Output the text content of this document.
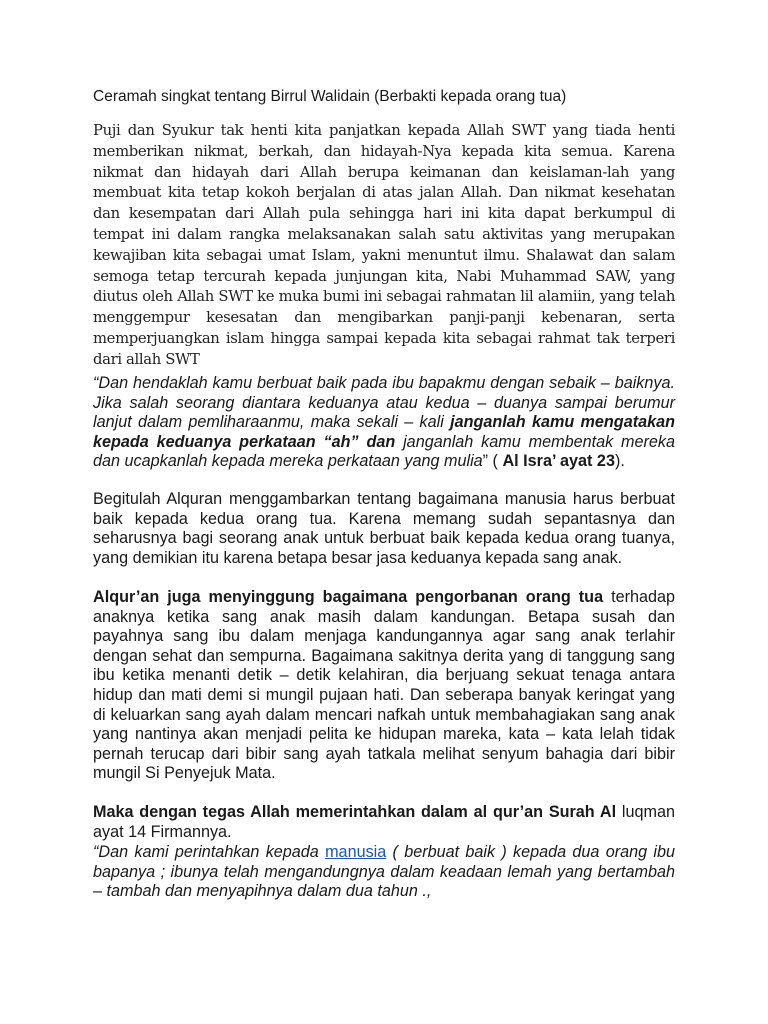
Ceramah singkat tentang Birrul Walidain (Berbakti kepada orang tua)
Puji dan Syukur tak henti kita panjatkan kepada Allah SWT yang tiada henti memberikan nikmat, berkah, dan hidayah-Nya kepada kita semua. Karena nikmat dan hidayah dari Allah berupa keimanan dan keislaman-lah yang membuat kita tetap kokoh berjalan di atas jalan Allah. Dan nikmat kesehatan dan kesempatan dari Allah pula sehingga hari ini kita dapat berkumpul di tempat ini dalam rangka melaksanakan salah satu aktivitas yang merupakan kewajiban kita sebagai umat Islam, yakni menuntut ilmu. Shalawat dan salam semoga tetap tercurah kepada junjungan kita, Nabi Muhammad SAW, yang diutus oleh Allah SWT ke muka bumi ini sebagai rahmatan lil alamiin, yang telah menggempur kesesatan dan mengibarkan panji-panji kebenaran, serta memperjuangkan islam hingga sampai kepada kita sebagai rahmat tak terperi dari allah SWT
“Dan hendaklah kamu berbuat baik pada ibu bapakmu dengan sebaik – baiknya. Jika salah seorang diantara keduanya atau kedua – duanya sampai berumur lanjut dalam pemliharaanmu, maka sekali – kali janganlah kamu mengatakan kepada keduanya perkataan “ah” dan janganlah kamu membentak mereka dan ucapkanlah kepada mereka perkataan yang mulia” ( Al Isra’ ayat 23).
Begitulah Alquran menggambarkan tentang bagaimana manusia harus berbuat baik kepada kedua orang tua. Karena memang sudah sepantasnya dan seharusnya bagi seorang anak untuk berbuat baik kepada kedua orang tuanya, yang demikian itu karena betapa besar jasa keduanya kepada sang anak.
Alqur’an juga menyinggung bagaimana pengorbanan orang tua terhadap anaknya ketika sang anak masih dalam kandungan. Betapa susah dan payahnya sang ibu dalam menjaga kandungannya agar sang anak terlahir dengan sehat dan sempurna. Bagaimana sakitnya derita yang di tanggung sang ibu ketika menanti detik – detik kelahiran, dia berjuang sekuat tenaga antara hidup dan mati demi si mungil pujaan hati. Dan seberapa banyak keringat yang di keluarkan sang ayah dalam mencari nafkah untuk membahagiakan sang anak yang nantinya akan menjadi pelita ke hidupan mareka, kata – kata lelah tidak pernah terucap dari bibir sang ayah tatkala melihat senyum bahagia dari bibir mungil Si Penyejuk Mata.
Maka dengan tegas Allah memerintahkan dalam al qur’an Surah Al luqman ayat 14 Firmannya.
“Dan kami perintahkan kepada manusia ( berbuat baik ) kepada dua orang ibu bapanya ; ibunya telah mengandungnya dalam keadaan lemah yang bertambah – tambah dan menyapihnya dalam dua tahun .,
